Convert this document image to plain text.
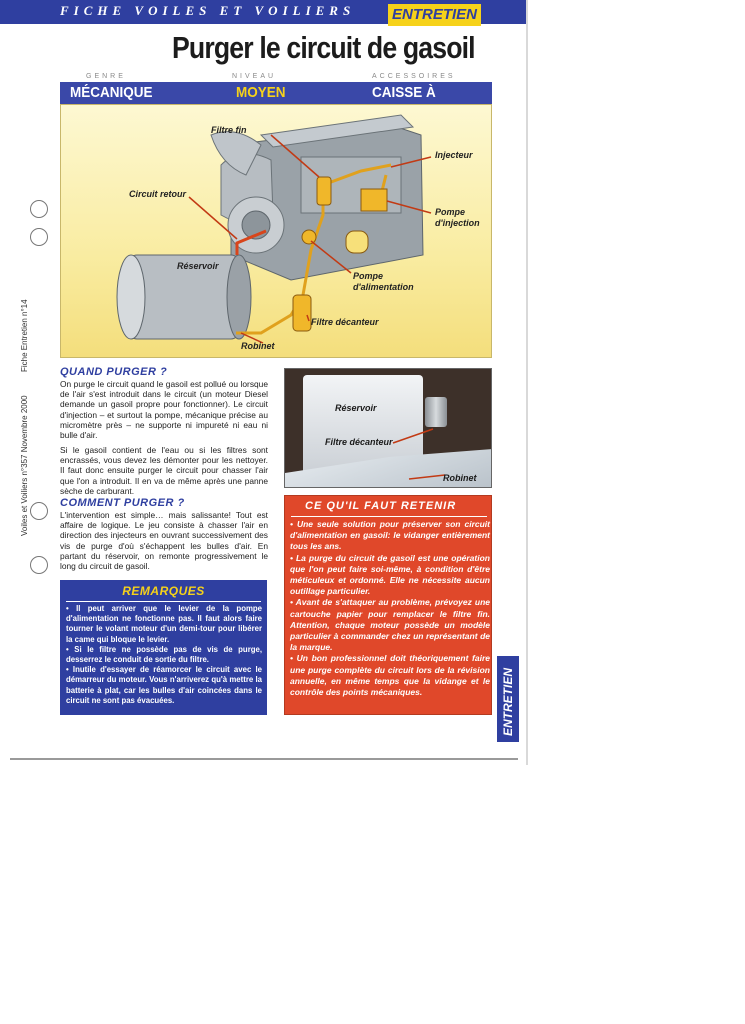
FICHE VOILES ET VOILIERS ENTRETIEN
Purger le circuit de gasoil
GENRE	NIVEAU	ACCESSOIRES
MÉCANIQUE	MOYEN	CAISSE À
Filtre fin
Injecteur
Circuit retour
Pompe
d'injection
Réservoir
Pompe
d'alimentation
Filtre décanteur
Robinet
Fiche Entretien n°14
Voiles et Voiliers n°357 Novembre 2000
QUAND PURGER ?
On purge le circuit quand le gasoil est pollué ou lorsque de l'air s'est introduit dans le circuit (un moteur Diesel demande un gasoil propre pour fonctionner). Le circuit d'injection – et surtout la pompe, mécanique précise au micromètre près – ne supporte ni impureté ni eau ni bulle d'air.
Si le gasoil contient de l'eau ou si les filtres sont encrassés, vous devez les démonter pour les nettoyer. Il faut donc ensuite purger le circuit pour chasser l'air que l'on a introduit. Il en va de même après une panne sèche de carburant.
COMMENT PURGER ?
L'intervention est simple… mais salissante! Tout est affaire de logique. Le jeu consiste à chasser l'air en direction des injecteurs en ouvrant successivement des vis de purge d'où s'échappent les bulles d'air. En partant du réservoir, on remonte progressivement le long du circuit de gasoil.
Réservoir
Filtre décanteur
Robinet
CE QU'IL FAUT RETENIR

• Une seule solution pour préserver son circuit d'alimentation en gasoil: le vidanger entièrement tous les ans.

• La purge du circuit de gasoil est une opération que l'on peut faire soi-même, à condition d'être méticuleux et ordonné. Elle ne nécessite aucun outillage particulier.

• Avant de s'attaquer au problème, prévoyez une cartouche papier pour remplacer le filtre fin. Attention, chaque moteur possède un modèle particulier à commander chez un représentant de la marque.

• Un bon professionnel doit théoriquement faire une purge complète du circuit lors de la révision annuelle, en même temps que la vidange et le contrôle des points mécaniques.

REMARQUES

• Il peut arriver que le levier de la pompe d'alimentation ne fonctionne pas. Il faut alors faire tourner le volant moteur d'un demi-tour pour libérer la came qui bloque le levier.

• Si le filtre ne possède pas de vis de purge, desserrez le conduit de sortie du filtre.

• Inutile d'essayer de réamorcer le circuit avec le démarreur du moteur. Vous n'arriverez qu'à mettre la batterie à plat, car les bulles d'air coincées dans le circuit ne sont pas évacuées.	ENTRETIEN
